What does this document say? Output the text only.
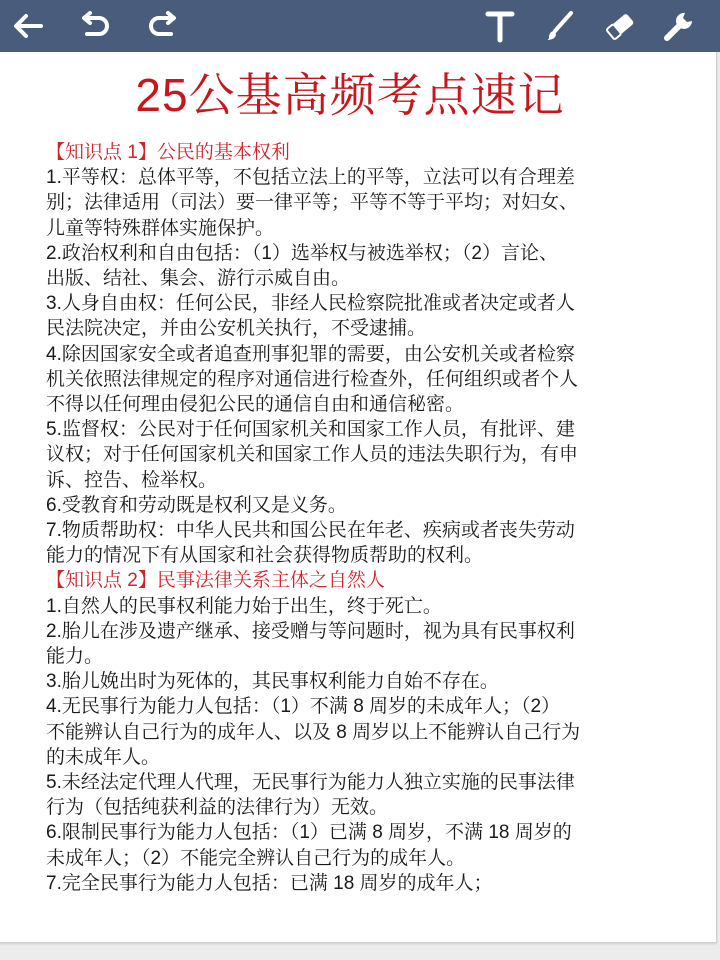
25公基高频考点速记
【知识点 1】公民的基本权利
1.平等权：总体平等，不包括立法上的平等，立法可以有合理差
别；法律适用（司法）要一律平等；平等不等于平均；对妇女、
儿童等特殊群体实施保护。
2.政治权利和自由包括：（1）选举权与被选举权；（2）言论、
出版、结社、集会、游行示威自由。
3.人身自由权：任何公民，非经人民检察院批准或者决定或者人
民法院决定，并由公安机关执行，不受逮捕。
4.除因国家安全或者追查刑事犯罪的需要，由公安机关或者检察
机关依照法律规定的程序对通信进行检查外，任何组织或者个人
不得以任何理由侵犯公民的通信自由和通信秘密。
5.监督权：公民对于任何国家机关和国家工作人员，有批评、建
议权；对于任何国家机关和国家工作人员的违法失职行为，有申
诉、控告、检举权。
6.受教育和劳动既是权利又是义务。
7.物质帮助权：中华人民共和国公民在年老、疾病或者丧失劳动
能力的情况下有从国家和社会获得物质帮助的权利。
【知识点 2】民事法律关系主体之自然人
1.自然人的民事权利能力始于出生，终于死亡。
2.胎儿在涉及遗产继承、接受赠与等问题时，视为具有民事权利
能力。
3.胎儿娩出时为死体的，其民事权利能力自始不存在。
4.无民事行为能力人包括：（1）不满 8 周岁的未成年人；（2）
不能辨认自己行为的成年人、以及 8 周岁以上不能辨认自己行为
的未成年人。
5.未经法定代理人代理，无民事行为能力人独立实施的民事法律
行为（包括纯获利益的法律行为）无效。
6.限制民事行为能力人包括：（1）已满 8 周岁，不满 18 周岁的
未成年人；（2）不能完全辨认自己行为的成年人。
7.完全民事行为能力人包括：已满 18 周岁的成年人；
